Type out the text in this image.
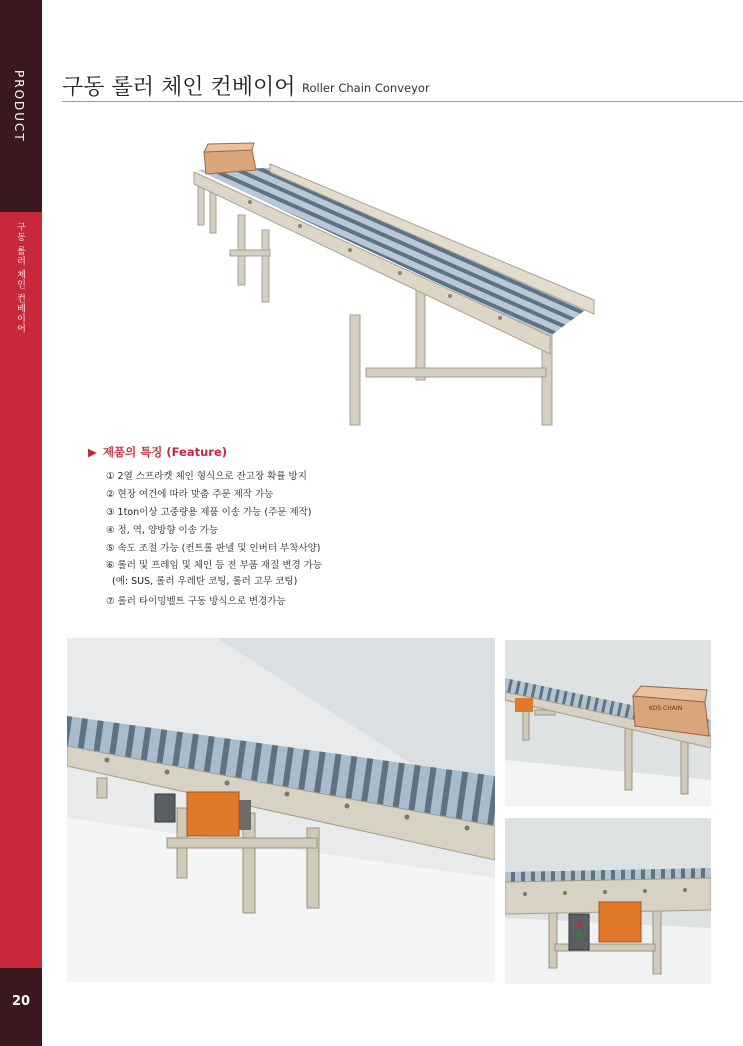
PRODUCT
구동 롤러 체인 컨베이어
20
구동 롤러 체인 컨베이어 Roller Chain Conveyor
▶ 제품의 특징 (Feature)
① 2열 스프라켓 체인 형식으로 잔고장 확률 방지
② 현장 여건에 따라 맞춤 주문 제작 가능
③ 1ton이상 고중량용 제품 이송 가능 (주문 제작)
④ 정, 역, 양방향 이송 가능
⑤ 속도 조절 가능 (컨트롤 판넬 및 인버터 부착사양)
⑥ 롤러 및 프레임 및 체인 등 전 부품 재질 변경 가능
(예: SUS, 롤러 우레탄 코팅, 롤러 고무 코팅)
⑦ 롤러 타이밍벨트 구동 방식으로 변경가능
KOS CHAIN
